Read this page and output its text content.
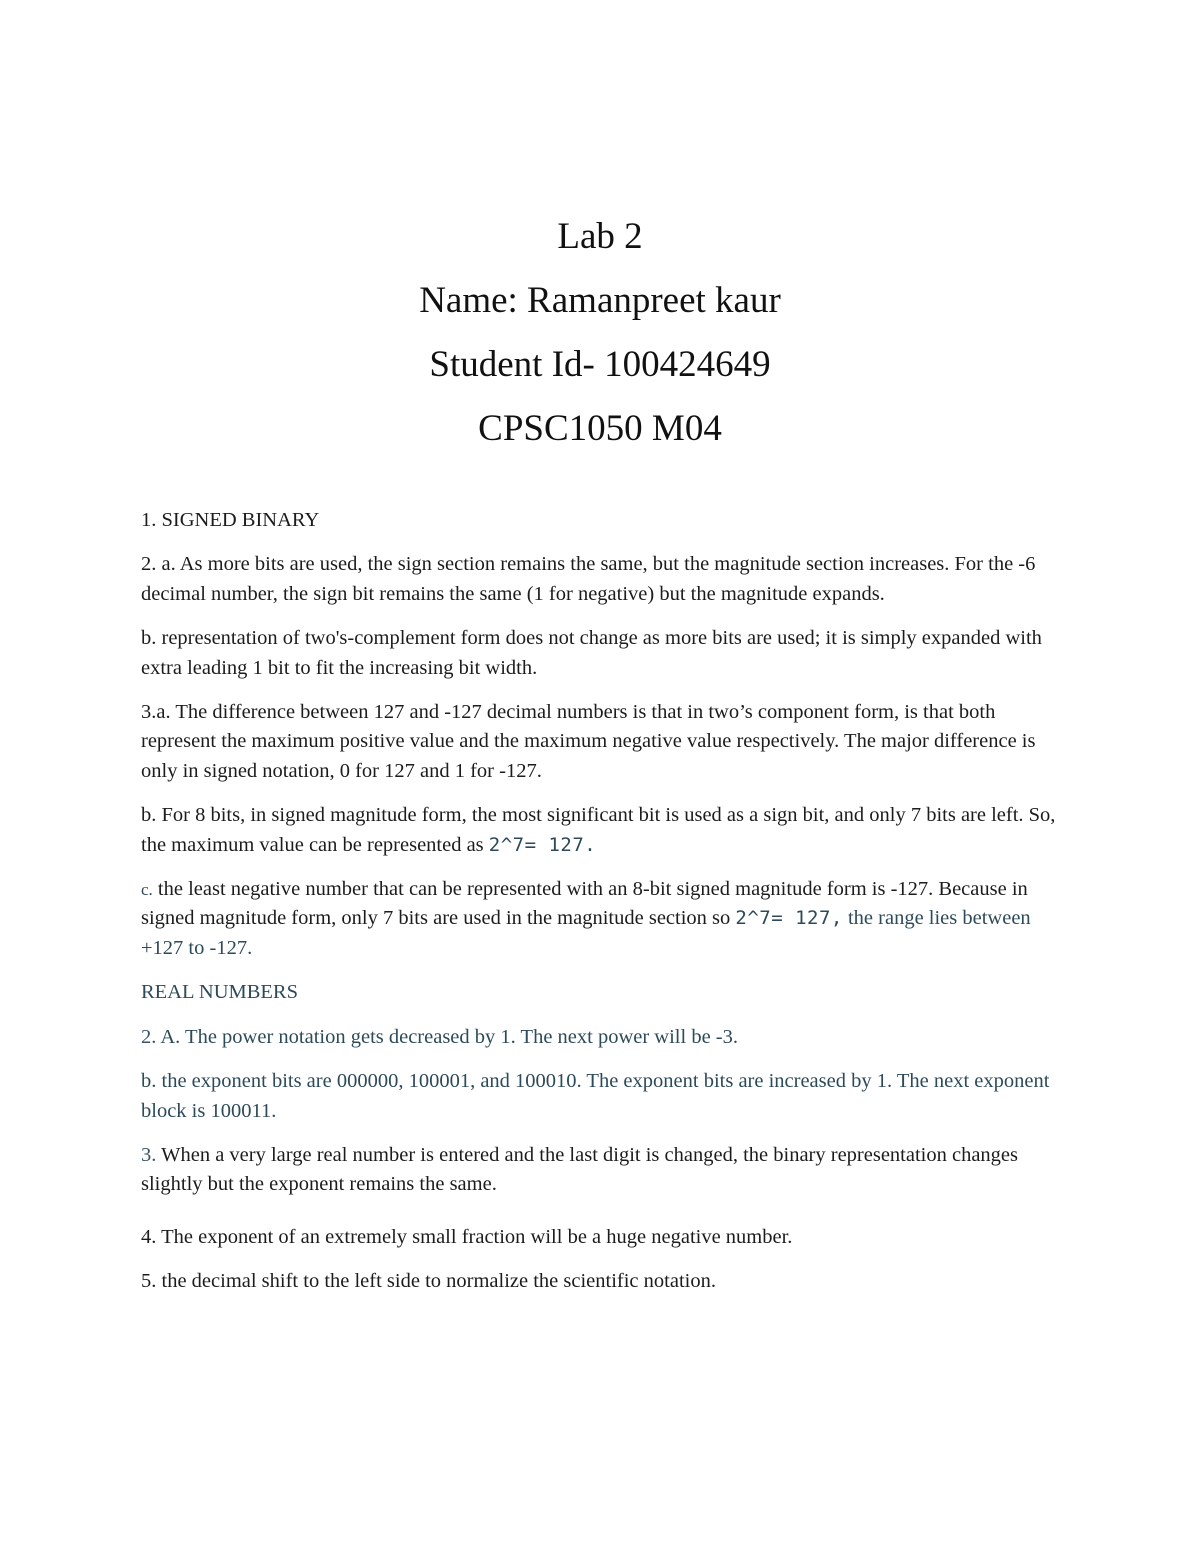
Lab 2

Name: Ramanpreet kaur

Student Id- 100424649

CPSC1050 M04

1. SIGNED BINARY

2. a. As more bits are used, the sign section remains the same, but the magnitude section increases. For the -6 decimal number, the sign bit remains the same (1 for negative) but the magnitude expands.

b. representation of two's-complement form does not change as more bits are used; it is simply expanded with extra leading 1 bit to fit the increasing bit width.

3.a. The difference between 127 and -127 decimal numbers is that in two’s component form, is that both represent the maximum positive value and the maximum negative value respectively. The major difference is only in signed notation, 0 for 127 and 1 for -127.

b. For 8 bits, in signed magnitude form, the most significant bit is used as a sign bit, and only 7 bits are left. So, the maximum value can be represented as 2^7= 127.

c. the least negative number that can be represented with an 8-bit signed magnitude form is -127. Because in signed magnitude form, only 7 bits are used in the magnitude section so 2^7= 127, the range lies between +127 to -127.

REAL NUMBERS

2. A. The power notation gets decreased by 1. The next power will be -3.

b. the exponent bits are 000000, 100001, and 100010. The exponent bits are increased by 1. The next exponent block is 100011.

3. When a very large real number is entered and the last digit is changed, the binary representation changes slightly but the exponent remains the same.

4. The exponent of an extremely small fraction will be a huge negative number.

5. the decimal shift to the left side to normalize the scientific notation.
